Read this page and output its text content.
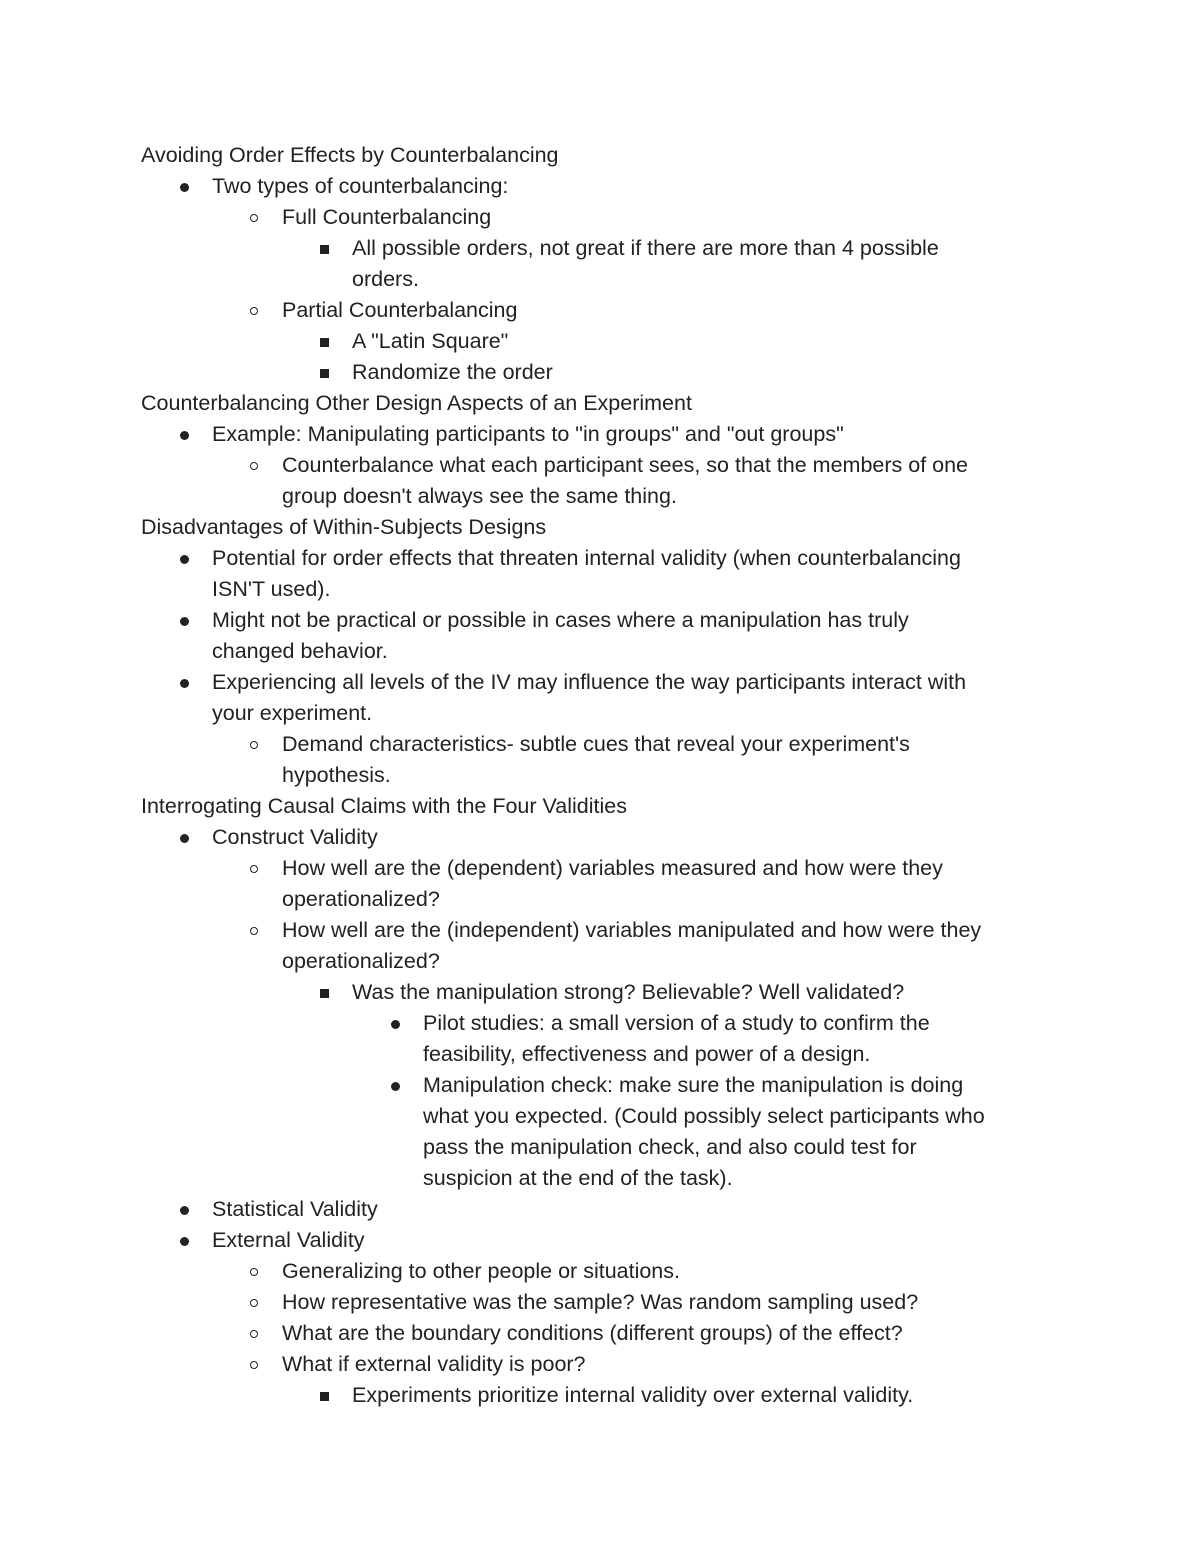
Avoiding Order Effects by Counterbalancing
Two types of counterbalancing:
Full Counterbalancing
All possible orders, not great if there are more than 4 possible
orders.
Partial Counterbalancing
A "Latin Square"
Randomize the order
Counterbalancing Other Design Aspects of an Experiment
Example: Manipulating participants to "in groups" and "out groups"
Counterbalance what each participant sees, so that the members of one
group doesn't always see the same thing.
Disadvantages of Within-Subjects Designs
Potential for order effects that threaten internal validity (when counterbalancing
ISN'T used).
Might not be practical or possible in cases where a manipulation has truly
changed behavior.
Experiencing all levels of the IV may influence the way participants interact with
your experiment.
Demand characteristics- subtle cues that reveal your experiment's
hypothesis.
Interrogating Causal Claims with the Four Validities
Construct Validity
How well are the (dependent) variables measured and how were they
operationalized?
How well are the (independent) variables manipulated and how were they
operationalized?
Was the manipulation strong? Believable? Well validated?
Pilot studies: a small version of a study to confirm the
feasibility, effectiveness and power of a design.
Manipulation check: make sure the manipulation is doing
what you expected. (Could possibly select participants who
pass the manipulation check, and also could test for
suspicion at the end of the task).
Statistical Validity
External Validity
Generalizing to other people or situations.
How representative was the sample? Was random sampling used?
What are the boundary conditions (different groups) of the effect?
What if external validity is poor?
Experiments prioritize internal validity over external validity.
